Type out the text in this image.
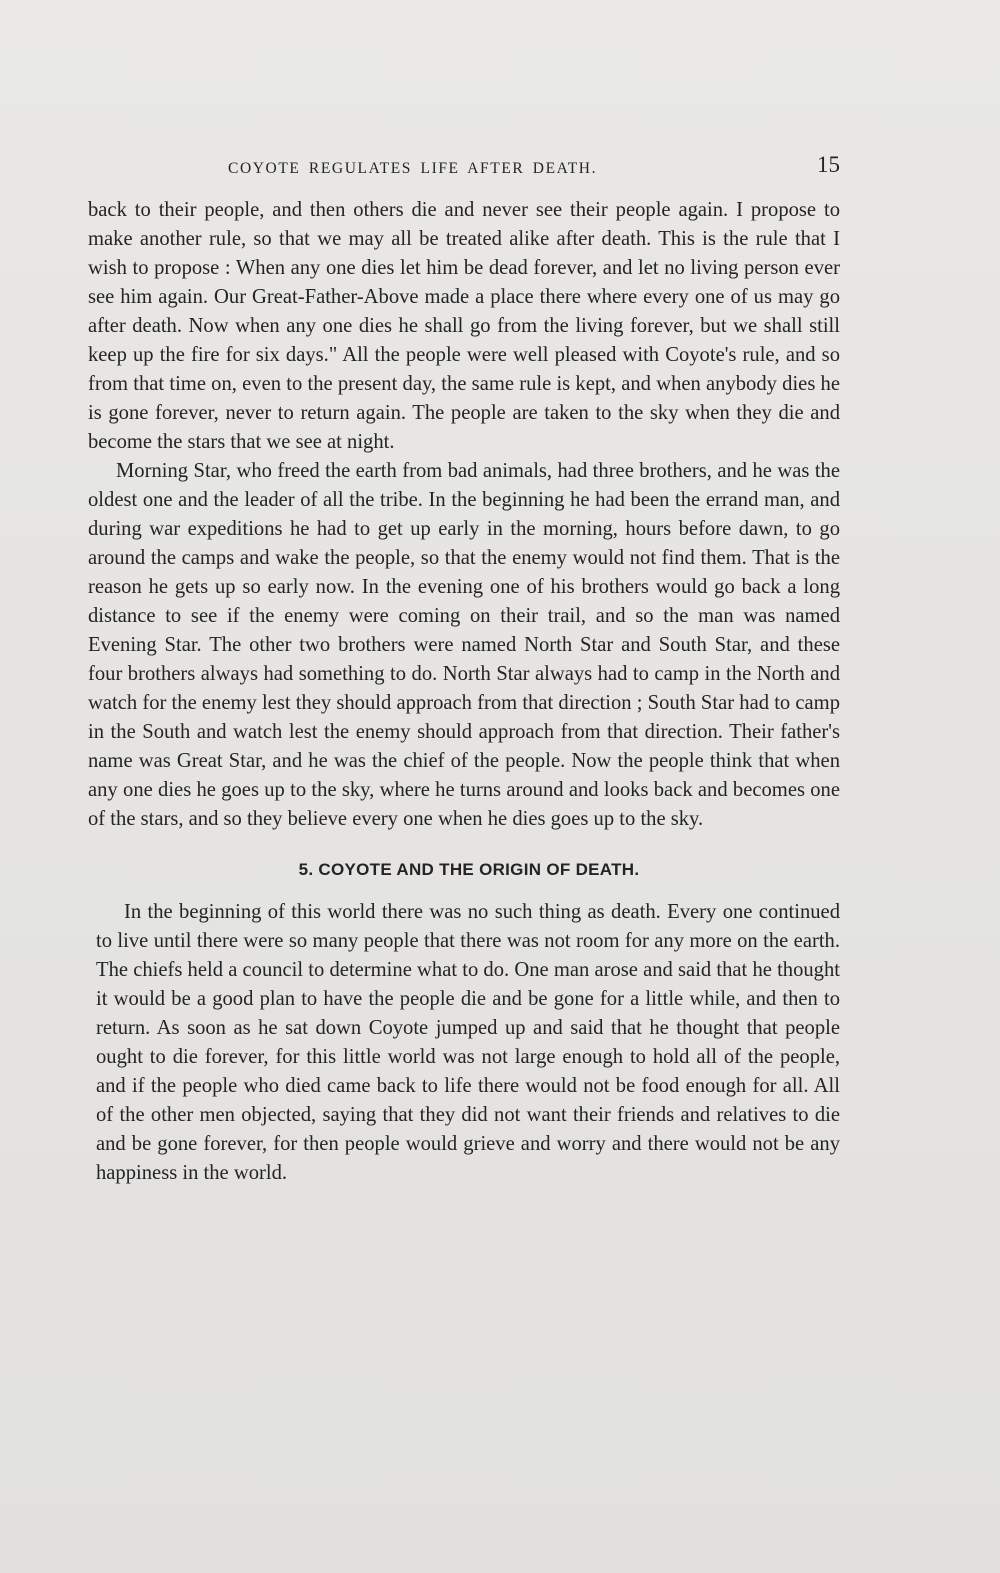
COYOTE REGULATES LIFE AFTER DEATH.	15

back to their people, and then others die and never see their people again. I propose to make another rule, so that we may all be treated alike after death. This is the rule that I wish to propose : When any one dies let him be dead forever, and let no living person ever see him again. Our Great-Father-Above made a place there where every one of us may go after death. Now when any one dies he shall go from the living forever, but we shall still keep up the fire for six days." All the people were well pleased with Coyote's rule, and so from that time on, even to the present day, the same rule is kept, and when anybody dies he is gone forever, never to return again. The people are taken to the sky when they die and become the stars that we see at night.

Morning Star, who freed the earth from bad animals, had three brothers, and he was the oldest one and the leader of all the tribe. In the beginning he had been the errand man, and during war expeditions he had to get up early in the morning, hours before dawn, to go around the camps and wake the people, so that the enemy would not find them. That is the reason he gets up so early now. In the evening one of his brothers would go back a long distance to see if the enemy were coming on their trail, and so the man was named Evening Star. The other two brothers were named North Star and South Star, and these four brothers always had something to do. North Star always had to camp in the North and watch for the enemy lest they should approach from that direction ; South Star had to camp in the South and watch lest the enemy should approach from that direction. Their father's name was Great Star, and he was the chief of the people. Now the people think that when any one dies he goes up to the sky, where he turns around and looks back and becomes one of the stars, and so they believe every one when he dies goes up to the sky.

5. COYOTE AND THE ORIGIN OF DEATH.

In the beginning of this world there was no such thing as death. Every one continued to live until there were so many people that there was not room for any more on the earth. The chiefs held a council to determine what to do. One man arose and said that he thought it would be a good plan to have the people die and be gone for a little while, and then to return. As soon as he sat down Coyote jumped up and said that he thought that people ought to die forever, for this little world was not large enough to hold all of the people, and if the people who died came back to life there would not be food enough for all. All of the other men objected, saying that they did not want their friends and relatives to die and be gone forever, for then people would grieve and worry and there would not be any happiness in the world.
